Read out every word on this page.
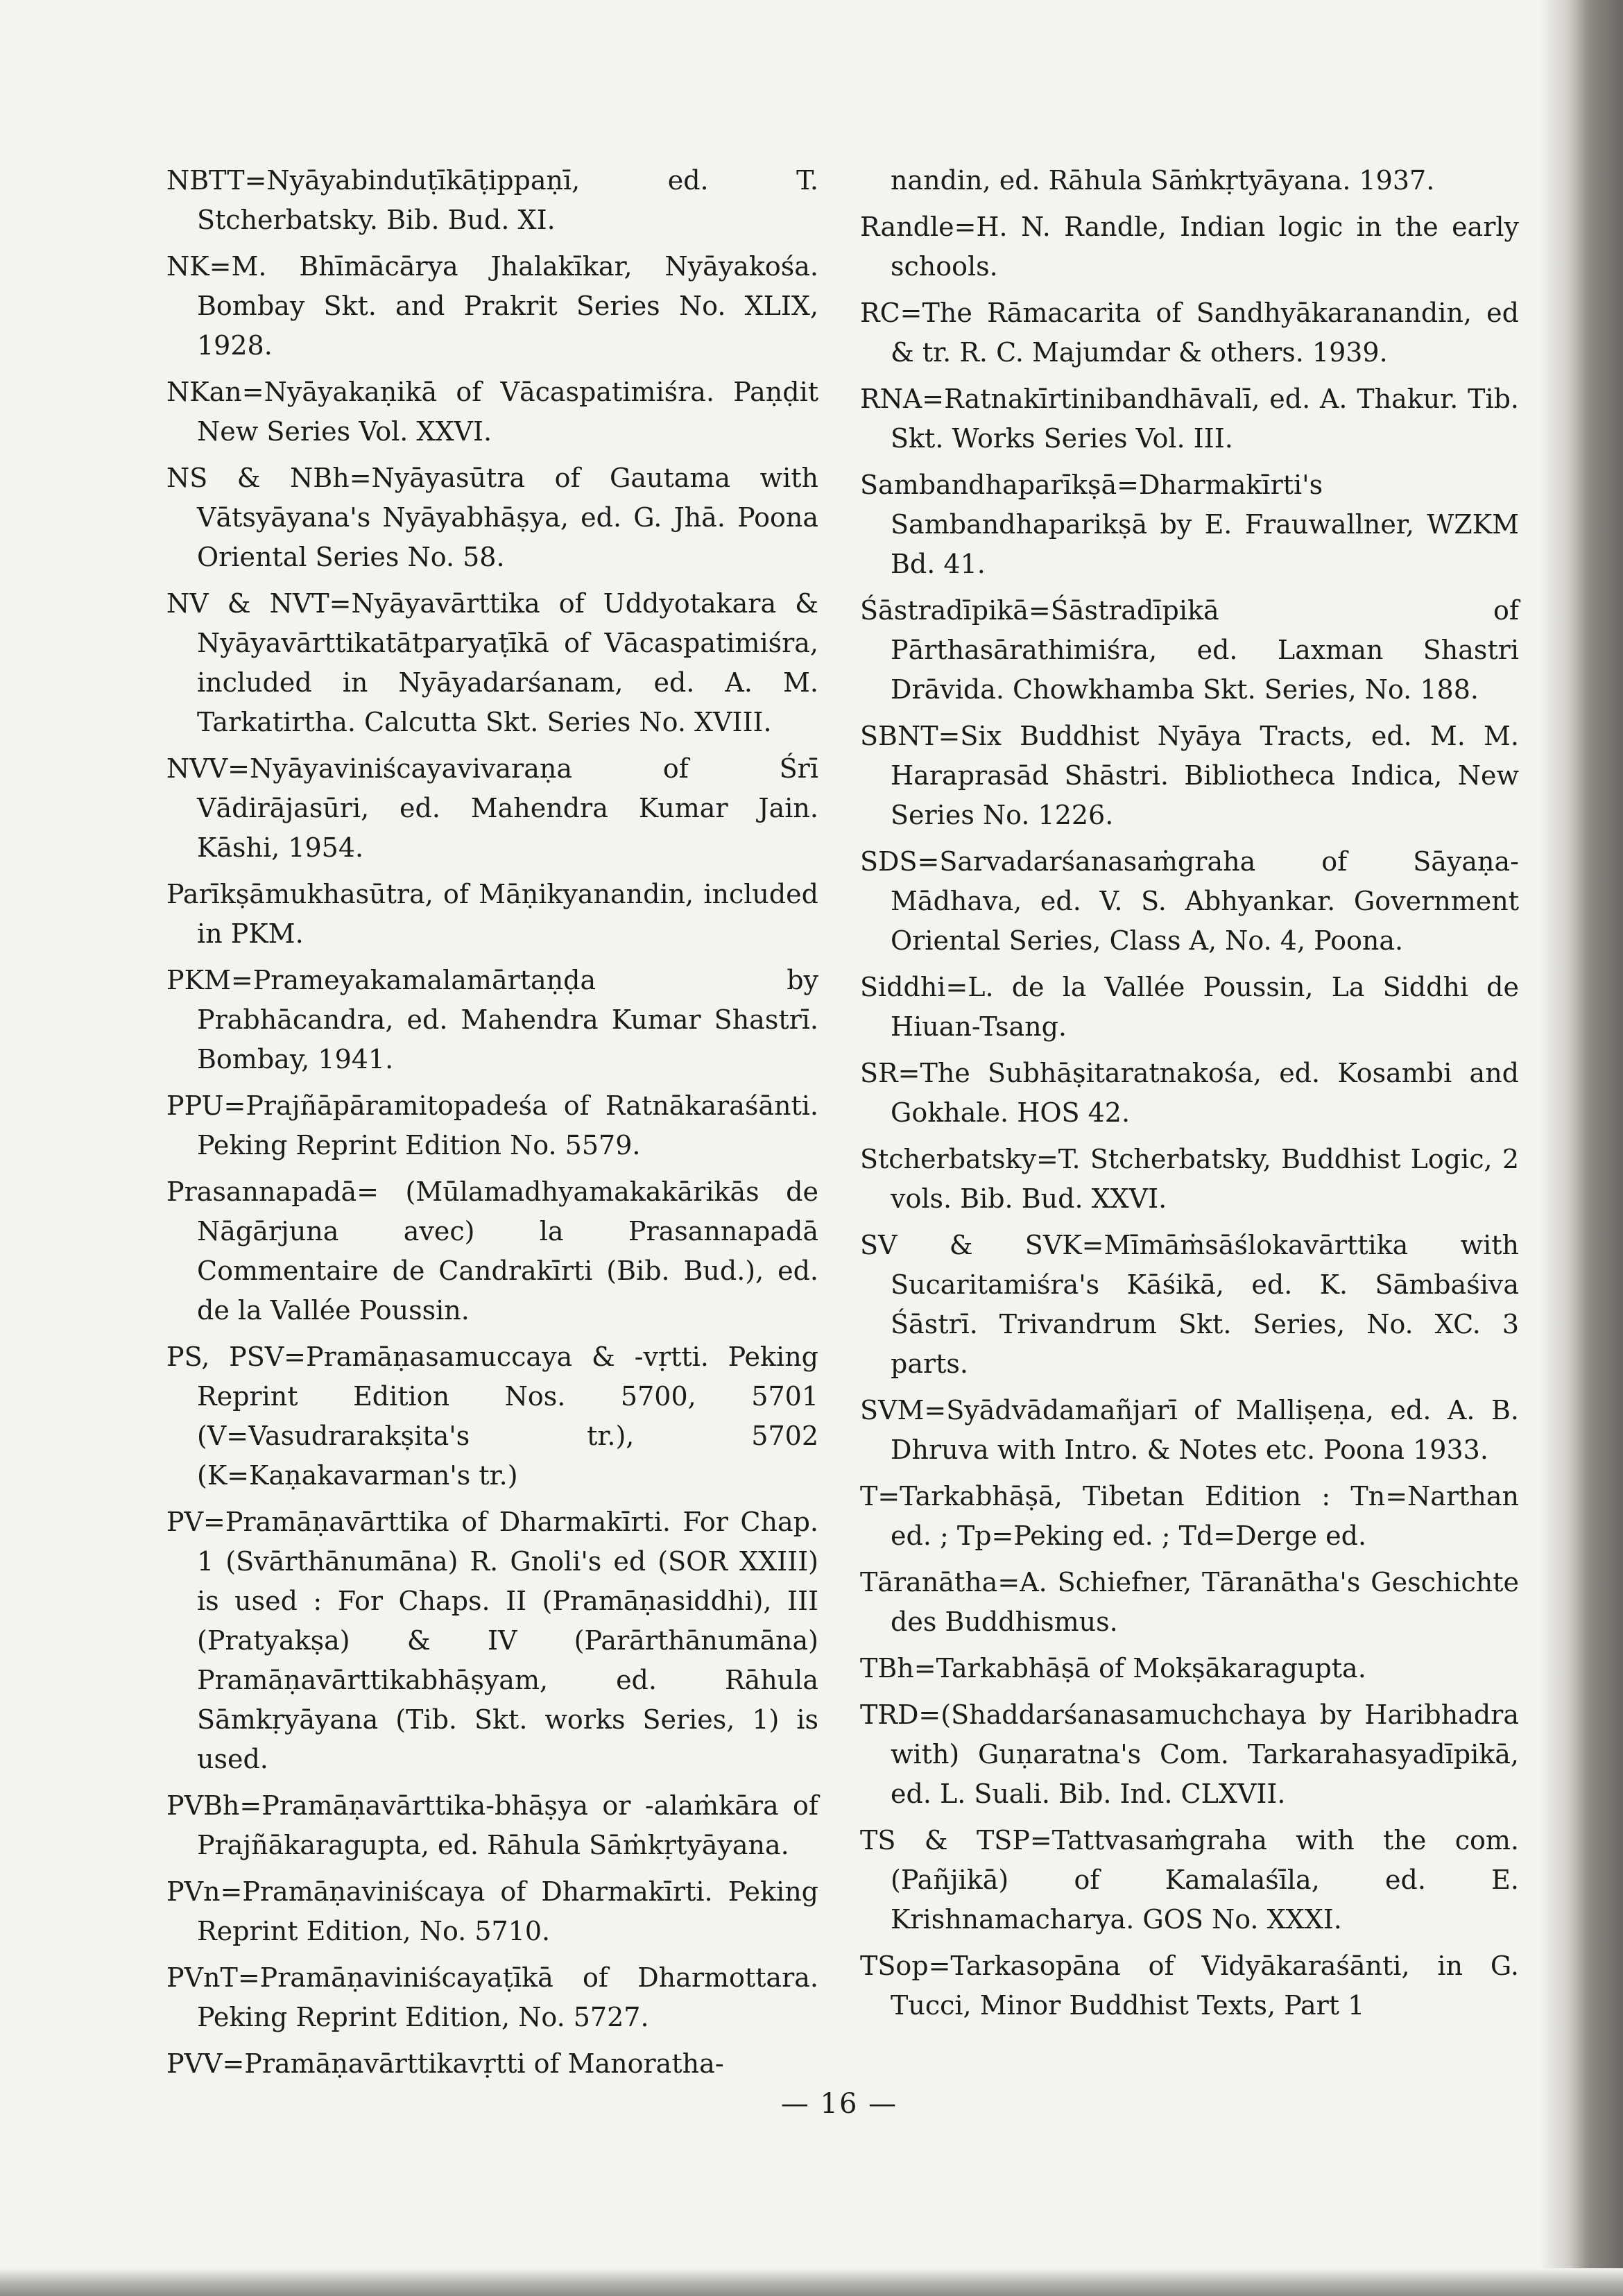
NBTT=Nyāyabinduṭīkāṭippaṇī, ed. T. Stcherbatsky. Bib. Bud. XI.
NK=M. Bhīmācārya Jhalakīkar, Nyāyakośa. Bombay Skt. and Prakrit Series No. XLIX, 1928.
NKan=Nyāyakaṇikā of Vācaspatimiśra. Paṇḍit New Series Vol. XXVI.
NS & NBh=Nyāyasūtra of Gautama with Vātsyāyana's Nyāyabhāṣya, ed. G. Jhā. Poona Oriental Series No. 58.
NV & NVT=Nyāyavārttika of Uddyotakara & Nyāyavārttikatātparyaṭīkā of Vācaspatimiśra, included in Nyāyadarśanam, ed. A. M. Tarkatirtha. Calcutta Skt. Series No. XVIII.
NVV=Nyāyaviniścayavivaraṇa of Śrī Vādirājasūri, ed. Mahendra Kumar Jain. Kāshi, 1954.
Parīkṣāmukhasūtra, of Māṇikyanandin, included in PKM.
PKM=Prameyakamalamārtaṇḍa by Prabhācandra, ed. Mahendra Kumar Shastrī. Bombay, 1941.
PPU=Prajñāpāramitopadeśa of Ratnākaraśānti. Peking Reprint Edition No. 5579.
Prasannapadā= (Mūlamadhyamakakārikās de Nāgārjuna avec) la Prasannapadā Commentaire de Candrakīrti (Bib. Bud.), ed. de la Vallée Poussin.
PS, PSV=Pramāṇasamuccaya & -vṛtti. Peking Reprint Edition Nos. 5700, 5701 (V=Vasudrarakṣita's tr.), 5702 (K=Kaṇakavarman's tr.)
PV=Pramāṇavārttika of Dharmakīrti. For Chap. 1 (Svārthānumāna) R. Gnoli's ed (SOR XXIII) is used : For Chaps. II (Pramāṇasiddhi), III (Pratyakṣa) & IV (Parārthānumāna) Pramāṇavārttikabhāṣyam, ed. Rāhula Sāmkṛyāyana (Tib. Skt. works Series, 1) is used.
PVBh=Pramāṇavārttika-bhāṣya or -alaṁkāra of Prajñākaragupta, ed. Rāhula Sāṁkṛtyāyana.
PVn=Pramāṇaviniścaya of Dharmakīrti. Peking Reprint Edition, No. 5710.
PVnT=Pramāṇaviniścayaṭīkā of Dharmottara. Peking Reprint Edition, No. 5727.
PVV=Pramāṇavārttikavṛtti of Manoratha-
nandin, ed. Rāhula Sāṁkṛtyāyana. 1937.
Randle=H. N. Randle, Indian logic in the early schools.
RC=The Rāmacarita of Sandhyākaranandin, ed & tr. R. C. Majumdar & others. 1939.
RNA=Ratnakīrtinibandhāvalī, ed. A. Thakur. Tib. Skt. Works Series Vol. III.
Sambandhaparīkṣā=Dharmakīrti's Sambandhaparikṣā by E. Frauwallner, WZKM Bd. 41.
Śāstradīpikā=Śāstradīpikā of Pārthasārathimiśra, ed. Laxman Shastri Drāvida. Chowkhamba Skt. Series, No. 188.
SBNT=Six Buddhist Nyāya Tracts, ed. M. M. Haraprasād Shāstri. Bibliotheca Indica, New Series No. 1226.
SDS=Sarvadarśanasaṁgraha of Sāyaṇa-Mādhava, ed. V. S. Abhyankar. Government Oriental Series, Class A, No. 4, Poona.
Siddhi=L. de la Vallée Poussin, La Siddhi de Hiuan-Tsang.
SR=The Subhāṣitaratnakośa, ed. Kosambi and Gokhale. HOS 42.
Stcherbatsky=T. Stcherbatsky, Buddhist Logic, 2 vols. Bib. Bud. XXVI.
SV & SVK=Mīmāṁsāślokavārttika with Sucaritamiśra's Kāśikā, ed. K. Sāmbaśiva Śāstrī. Trivandrum Skt. Series, No. XC. 3 parts.
SVM=Syādvādamañjarī of Malliṣeṇa, ed. A. B. Dhruva with Intro. & Notes etc. Poona 1933.
T=Tarkabhāṣā, Tibetan Edition : Tn=Narthan ed. ; Tp=Peking ed. ; Td=Derge ed.
Tāranātha=A. Schiefner, Tāranātha's Geschichte des Buddhismus.
TBh=Tarkabhāṣā of Mokṣākaragupta.
TRD=(Shaddarśanasamuchchaya by Haribhadra with) Guṇaratna's Com. Tarkarahasyadīpikā, ed. L. Suali. Bib. Ind. CLXVII.
TS & TSP=Tattvasaṁgraha with the com. (Pañjikā) of Kamalaśīla, ed. E. Krishnamacharya. GOS No. XXXI.
TSop=Tarkasopāna of Vidyākaraśānti, in G. Tucci, Minor Buddhist Texts, Part 1
— 16 —
